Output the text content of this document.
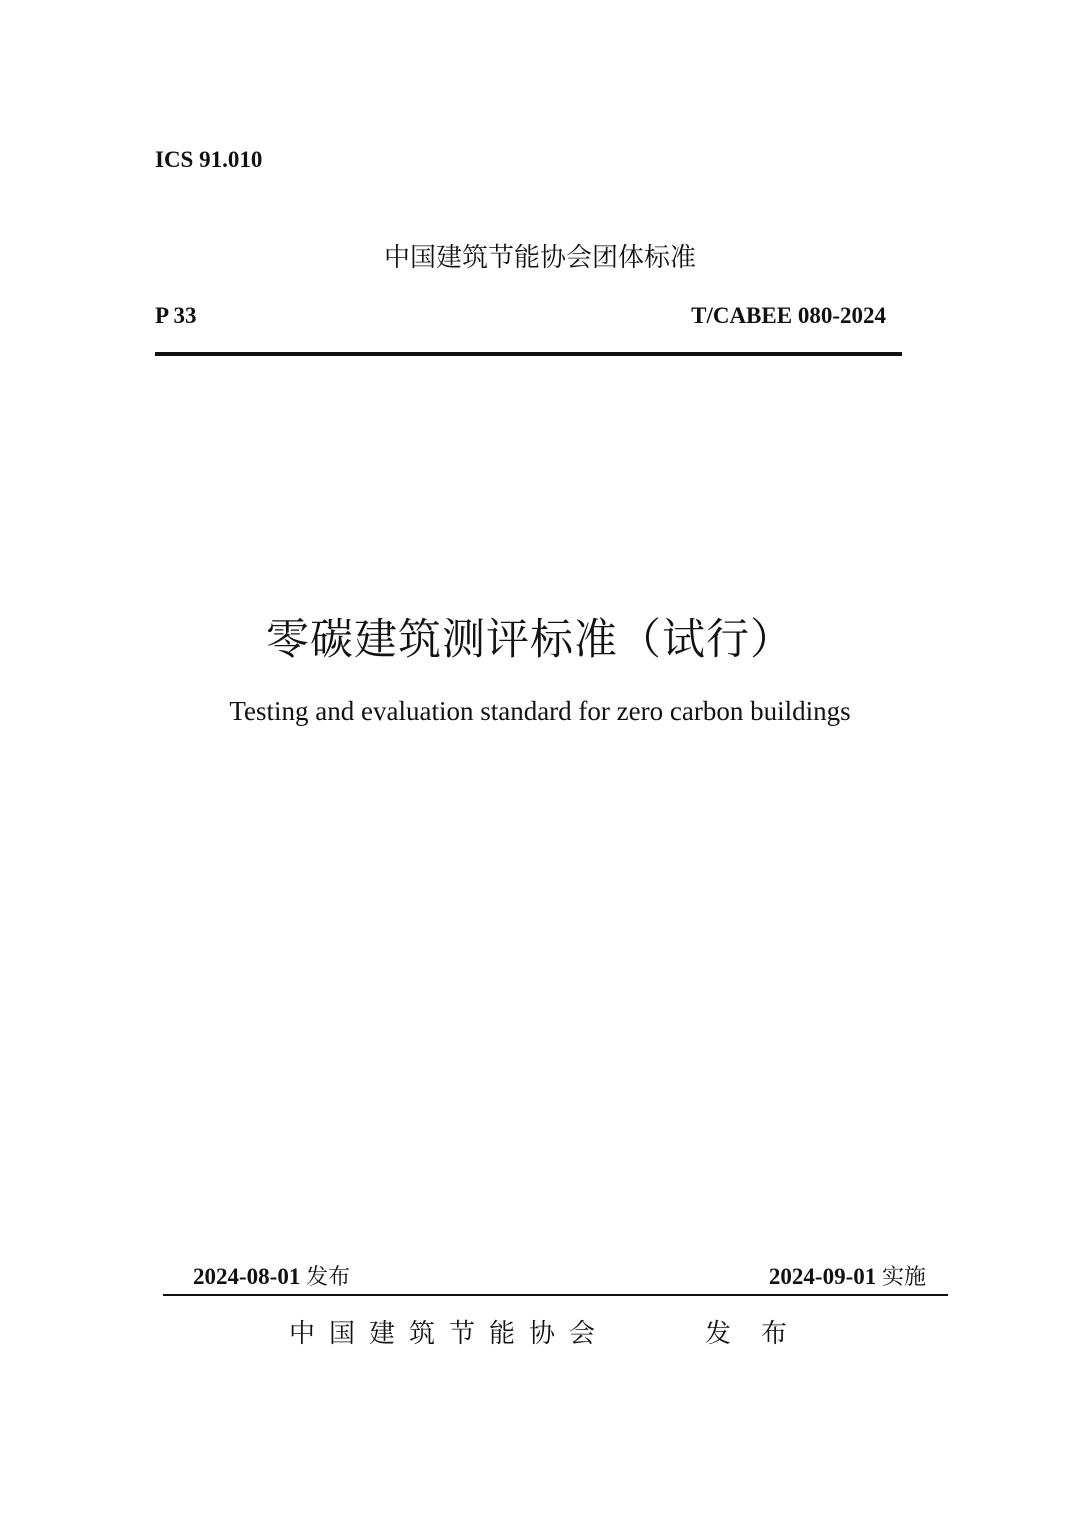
ICS 91.010
中国建筑节能协会团体标准
P 33	T/CABEE 080-2024
零碳建筑测评标准（试行）
Testing and evaluation standard for zero carbon buildings
2024-08-01 发布	2024-09-01 实施
中国建筑节能协会	发布
